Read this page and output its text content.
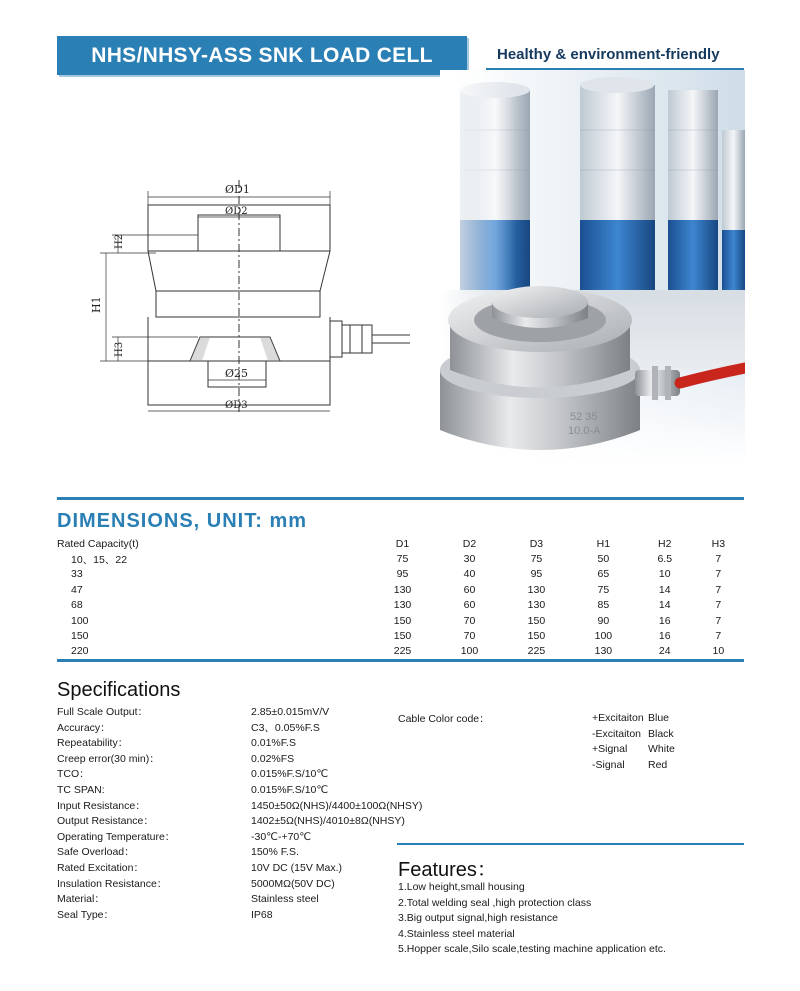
NHS/NHSY-ASS SNK LOAD CELL	Healthy & environment-friendly
ØD1
ØD2
H2
H1
H3
Ø25
ØD3
52 35
10.0-A
DIMENSIONS, UNIT: mm
Rated Capacity(t)	D1	D2	D3	H1	H2	H3
10、15、22	75	30	75	50	6.5	7
33	95	40	95	65	10	7
47	130	60	130	75	14	7
68	130	60	130	85	14	7
100	150	70	150	90	16	7
150	150	70	150	100	16	7
220	225	100	225	130	24	10
Specifications
Full Scale Output：	2.85±0.015mV/V
Accuracy：	C3、0.05%F.S
Repeatability：	0.01%F.S
Creep error(30 min)：	0.02%FS
TCO：	0.015%F.S/10℃
TC SPAN:	0.015%F.S/10℃
Input Resistance：	1450±50Ω(NHS)/4400±100Ω(NHSY)
Output Resistance：	1402±5Ω(NHS)/4010±8Ω(NHSY)
Operating Temperature：	-30℃-+70℃
Safe Overload：	150% F.S.
Rated Excitation：	10V DC (15V Max.)
Insulation Resistance：	5000MΩ(50V DC)
Material：	Stainless steel
Seal Type：	IP68
Cable Color code：	+Excitaiton Blue
-Excitaiton Black
+Signal White
-Signal Red
Features：
1.Low height,small housing
2.Total welding seal ,high protection class
3.Big output signal,high resistance
4.Stainless steel material
5.Hopper scale,Silo scale,testing machine application etc.
